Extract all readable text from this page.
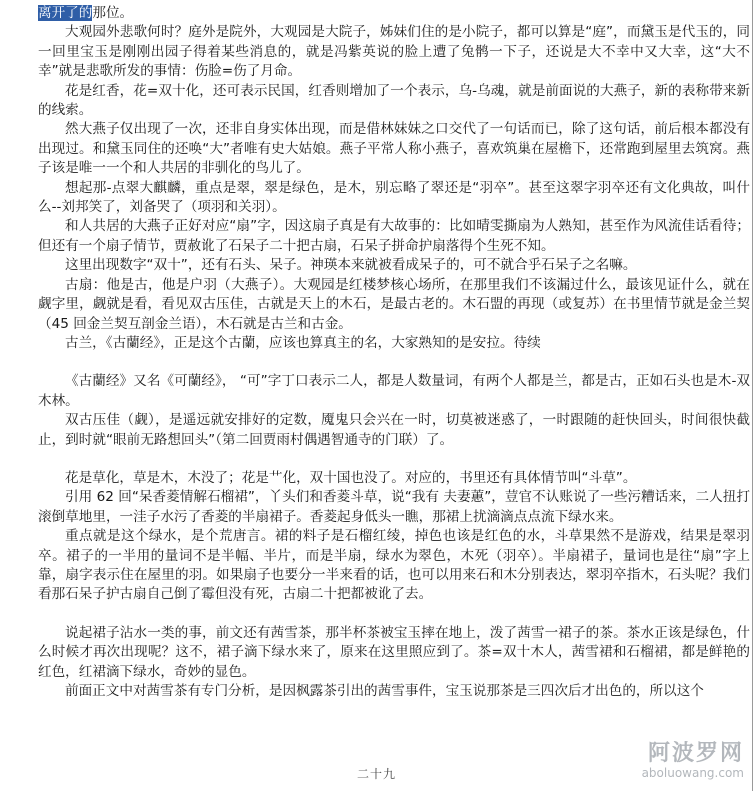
离开了的那位。

大观园外悲歌何时？庭外是院外，大观园是大院子，姊妹们住的是小院子，都可以算是“庭”，而黛玉是代玉的，同一回里宝玉是刚刚出园子得着某些消息的，就是冯紫英说的脸上遭了兔鹘一下子，还说是大不幸中又大幸，这“大不幸”就是悲歌所发的事情：伤脸=伤了月命。

花是红香，花=双十化，还可表示民国，红香则增加了一个表示，乌-乌魂，就是前面说的大燕子，新的表称带来新的线索。

然大燕子仅出现了一次，还非自身实体出现，而是借林妹妹之口交代了一句话而已，除了这句话，前后根本都没有出现过。和黛玉同住的还唤“大”者唯有史大姑娘。燕子平常人称小燕子，喜欢筑巢在屋檐下，还常跑到屋里去筑窝。燕子该是唯一一个和人共居的非驯化的鸟儿了。

想起那-点翠大麒麟，重点是翠，翠是绿色，是木，别忘略了翠还是“羽卒”。甚至这翠字羽卒还有文化典故，叫什么--刘邦笑了，刘备哭了（项羽和关羽）。

和人共居的大燕子正好对应“扇”字，因这扇子真是有大故事的：比如晴雯撕扇为人熟知，甚至作为风流佳话看待；但还有一个扇子情节，贾赦讹了石呆子二十把古扇，石呆子拼命护扇落得个生死不知。

这里出现数字“双十”，还有石头、呆子。神瑛本来就被看成呆子的，可不就合乎石呆子之名嘛。

古扇：他是古，他是户羽（大燕子）。大观园是红楼梦核心场所，在那里我们不该漏过什么，最该见证什么，就在觑字里，觑就是看，看见双古压佳，古就是天上的木石，是最古老的。木石盟的再现（或复苏）在书里情节就是金兰契（45 回金兰契互剖金兰语），木石就是古兰和古金。

古兰，《古蘭经》，正是这个古蘭，应该也算真主的名，大家熟知的是安拉。待续

《古蘭经》又名《可蘭经》， “可”字丁口表示二人，都是人数量词，有两个人都是兰，都是古，正如石头也是木-双木林。

双古压佳（觑），是遥远就安排好的定数，魇鬼只会兴在一时，切莫被迷惑了，一时跟随的赶快回头，时间很快截止，到时就“眼前无路想回头”（第二回贾雨村偶遇智通寺的门联）了。

花是草化，草是木，木没了；花是艹化，双十国也没了。对应的，书里还有具体情节叫“斗草”。

引用 62 回“呆香菱情解石榴裙”，丫头们和香菱斗草，说“我有 夫妻蕙”，荳官不认账说了一些污糟话来，二人扭打滚倒草地里，一洼子水污了香菱的半扇裙子。香菱起身低头一瞧，那裙上扰滴滴点点流下绿水来。

重点就是这个绿水，是个荒唐言。裙的料子是石榴红绫，掉色也该是红色的水，斗草果然不是游戏，结果是翠羽卒。裙子的一半用的量词不是半幅、半片，而是半扇，绿水为翠色，木死（羽卒）。半扇裙子，量词也是往“扇”字上靠，扇字表示住在屋里的羽。如果扇子也要分一半来看的话，也可以用来石和木分别表达，翠羽卒指木，石头呢？我们看那石呆子护古扇自己倒了霉但没有死，古扇二十把都被讹了去。

说起裙子沾水一类的事，前文还有茜雪茶，那半杯茶被宝玉摔在地上，泼了茜雪一裙子的茶。茶水正该是绿色，什么时候才再次出现呢？这不，裙子滴下绿水来了，原来在这里照应到了。茶=双十木人，茜雪裙和石榴裙，都是鲜艳的红色，红裙滴下绿水，奇妙的显色。

前面正文中对茜雪茶有专门分析，是因枫露茶引出的茜雪事件，宝玉说那茶是三四次后才出色的，所以这个

二十九
阿波罗网
aboluowang.com
